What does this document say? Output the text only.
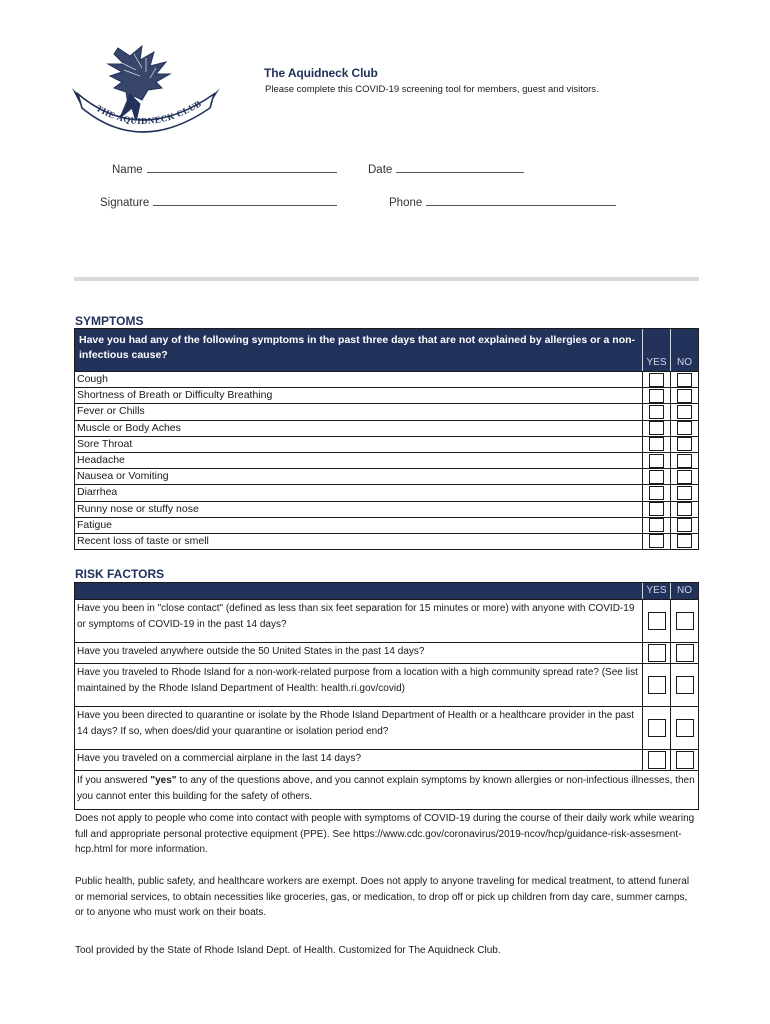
THE AQUIDNECK CLUB
The Aquidneck Club
Please complete this COVID-19 screening tool for members, guest and visitors.
Name	Date
Signature	Phone
SYMPTOMS
Have you had any of the following symptoms in the past three days that are not explained by allergies or a non-infectious cause?
YES	NO
Cough
Shortness of Breath or Difficulty Breathing
Fever or Chills
Muscle or Body Aches
Sore Throat
Headache
Nausea or Vomiting
Diarrhea
Runny nose or stuffy nose
Fatigue
Recent loss of taste or smell
RISK FACTORS
YES	NO
Have you been in "close contact" (defined as less than six feet separation for 15 minutes or more) with anyone with COVID-19 or symptoms of COVID-19 in the past 14 days?
Have you traveled anywhere outside the 50 United States in the past 14 days?
Have you traveled to Rhode Island for a non-work-related purpose from a location with a high community spread rate? (See list maintained by the Rhode Island Department of Health: health.ri.gov/covid)
Have you been directed to quarantine or isolate by the Rhode Island Department of Health or a healthcare provider in the past 14 days? If so, when does/did your quarantine or isolation period end?
Have you traveled on a commercial airplane in the last 14 days?
If you answered "yes" to any of the questions above, and you cannot explain symptoms by known allergies or non-infectious illnesses, then you cannot enter this building for the safety of others.
Does not apply to people who come into contact with people with symptoms of COVID-19 during the course of their daily work while wearing full and appropriate personal protective equipment (PPE). See https://www.cdc.gov/coronavirus/2019-ncov/hcp/guidance-risk-assesment-hcp.html for more information.
Public health, public safety, and healthcare workers are exempt. Does not apply to anyone traveling for medical treatment, to attend funeral or memorial services, to obtain necessities like groceries, gas, or medication, to drop off or pick up children from day care, summer camps, or to anyone who must work on their boats.
Tool provided by the State of Rhode Island Dept. of Health. Customized for The Aquidneck Club.
